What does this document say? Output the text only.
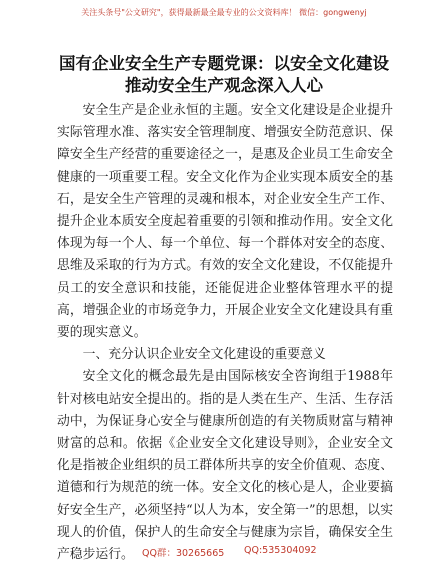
关注头条号"公文研究"，获得最新最全最专业的公文资料库！ 微信：gongwenyj
国有企业安全生产专题党课：以安全文化建设
推动安全生产观念深入人心

安全生产是企业永恒的主题。安全文化建设是企业提升实际管理水准、落实安全管理制度、增强安全防范意识、保障安全生产经营的重要途径之一，是惠及企业员工生命安全健康的一项重要工程。安全文化作为企业实现本质安全的基石，是安全生产管理的灵魂和根本，对企业安全生产工作、提升企业本质安全度起着重要的引领和推动作用。安全文化体现为每一个人、每一个单位、每一个群体对安全的态度、思维及采取的行为方式。有效的安全文化建设，不仅能提升员工的安全意识和技能，还能促进企业整体管理水平的提高，增强企业的市场竞争力，开展企业安全文化建设具有重要的现实意义。

一、充分认识企业安全文化建设的重要意义

安全文化的概念最先是由国际核安全咨询组于1988年针对核电站安全提出的。指的是人类在生产、生活、生存活动中，为保证身心安全与健康所创造的有关物质财富与精神财富的总和。依据《企业安全文化建设导则》，企业安全文化是指被企业组织的员工群体所共享的安全价值观、态度、道德和行为规范的统一体。安全文化的核心是人，企业要搞好安全生产，必须坚持“以人为本，安全第一”的思想，以实现人的价值，保护人的生命安全与健康为宗旨，确保安全生产稳步运行。 QQ群：30265665 QQ:535304092
